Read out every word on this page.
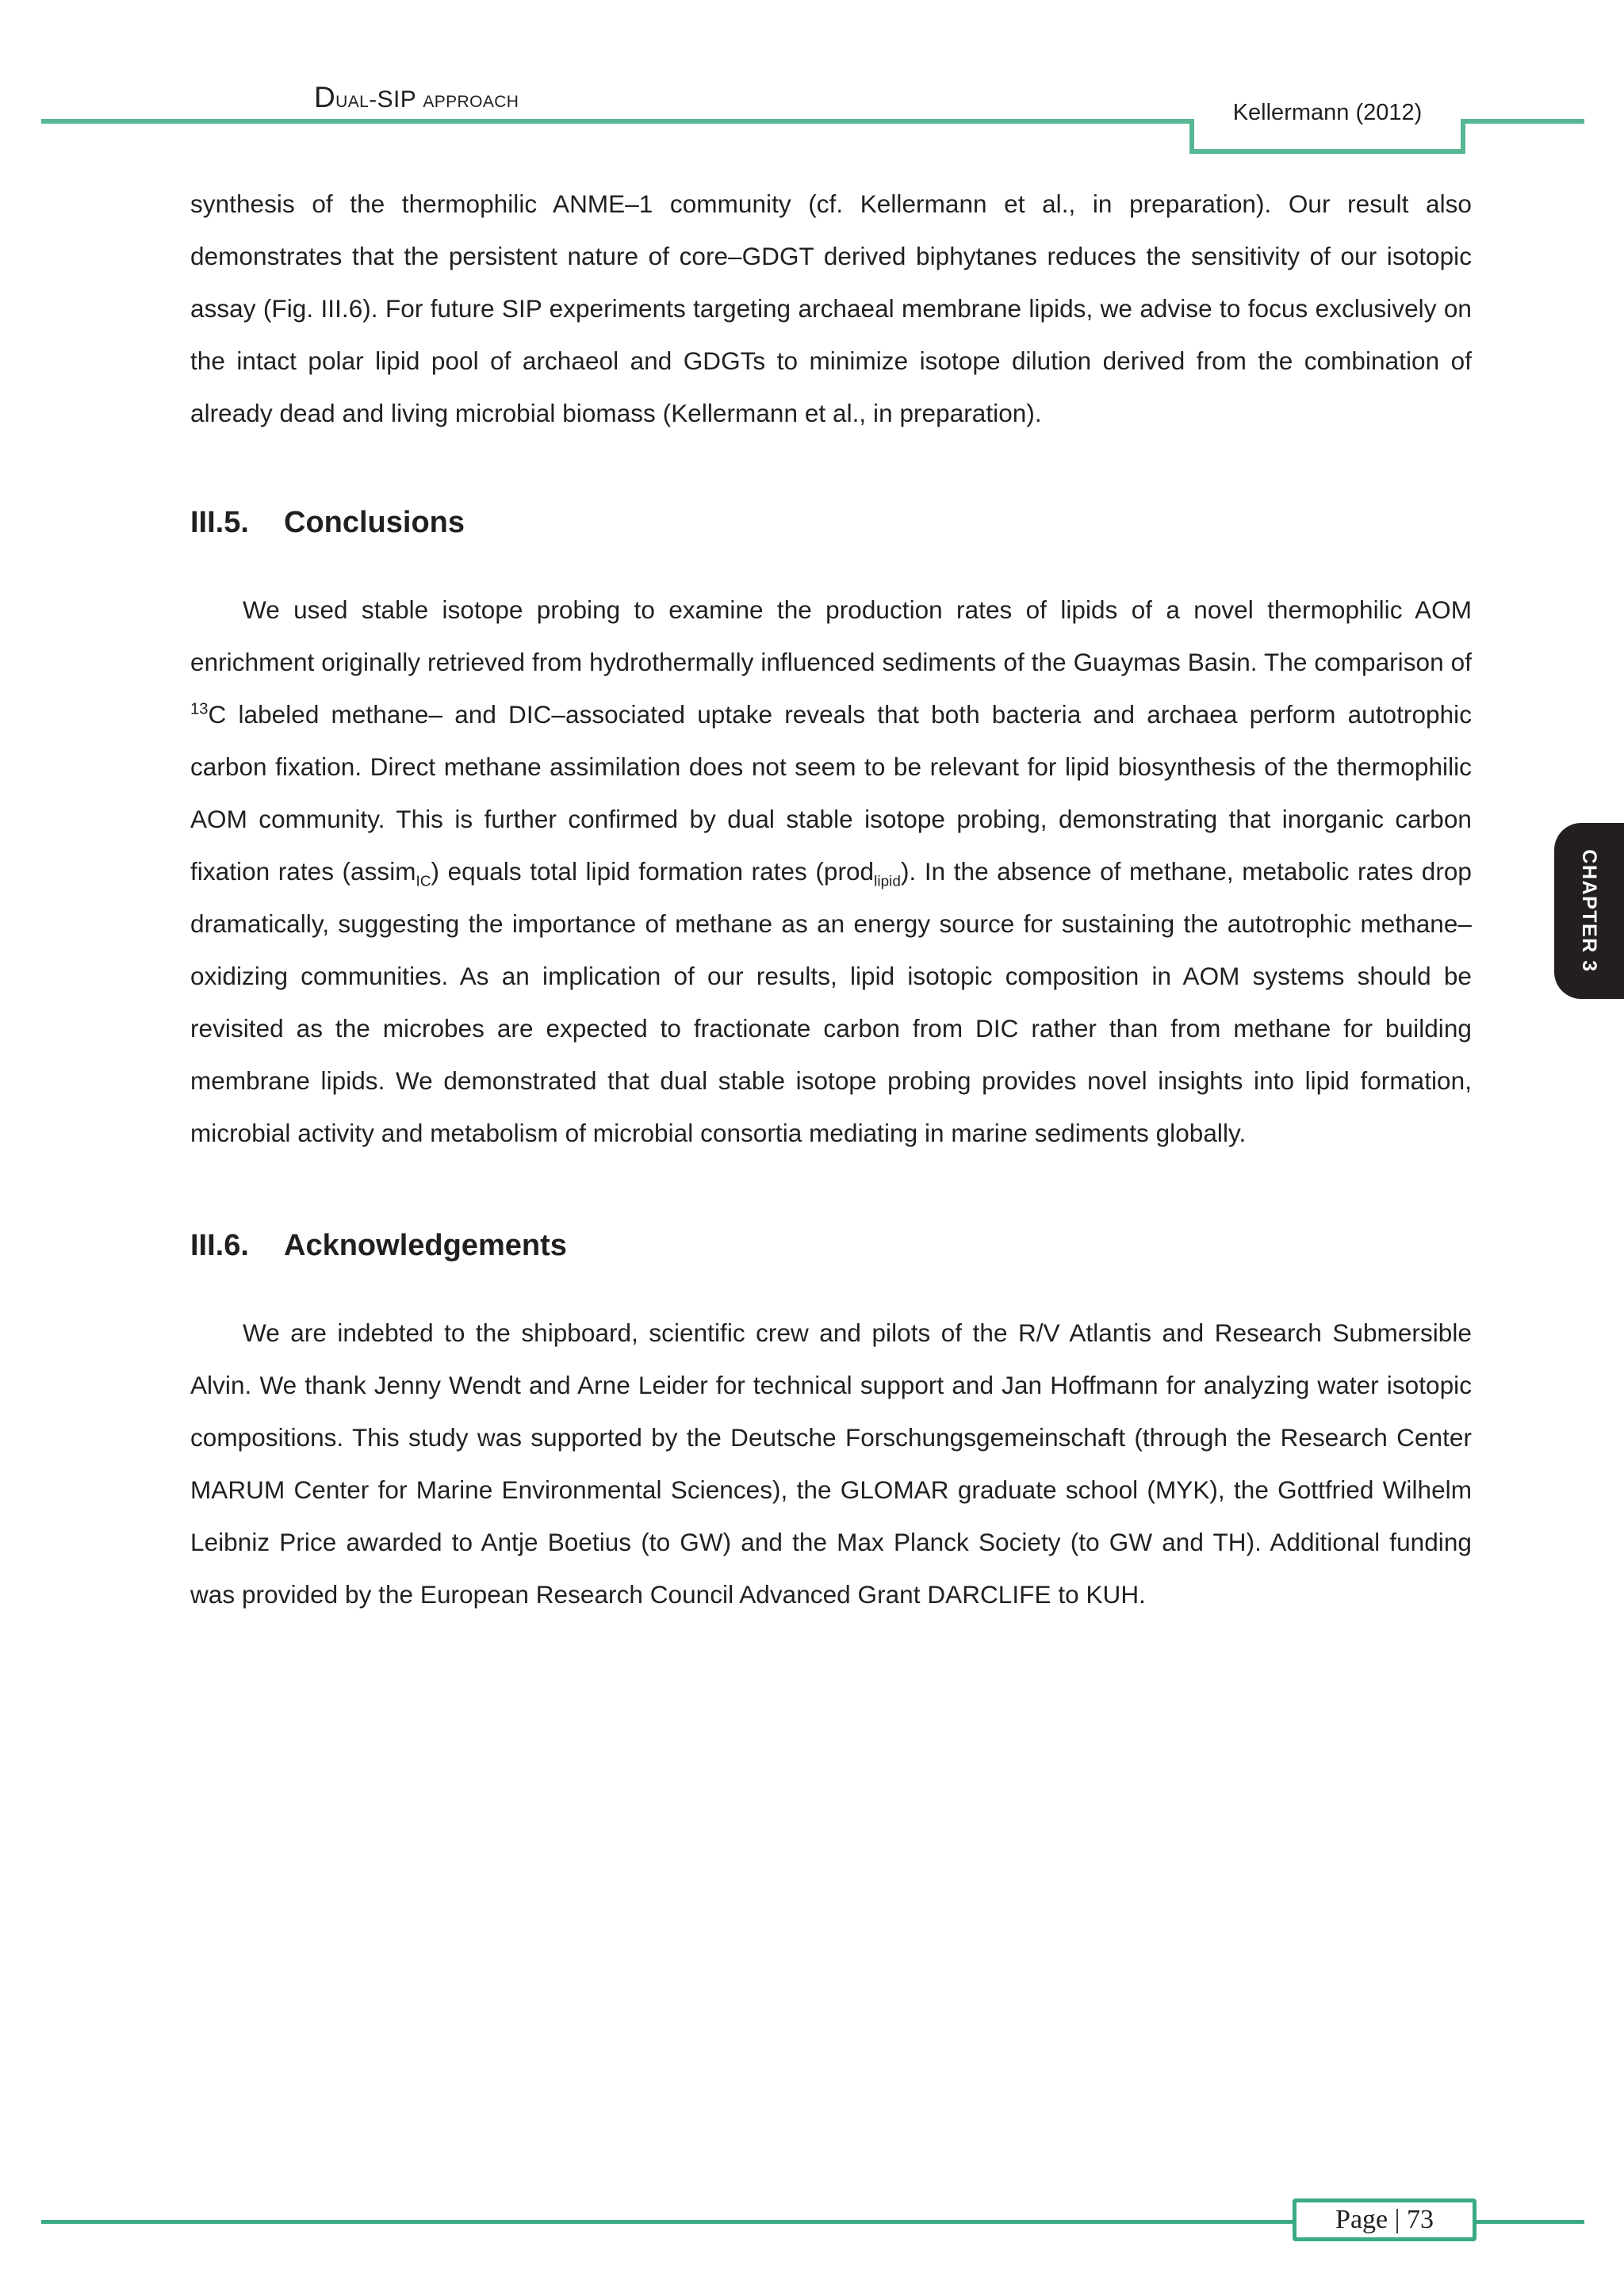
Dual-SIP approach	Kellermann (2012)
CHAPTER 3

synthesis of the thermophilic ANME–1 community (cf. Kellermann et al., in preparation). Our result also demonstrates that the persistent nature of core–GDGT derived biphytanes reduces the sensitivity of our isotopic assay (Fig. III.6). For future SIP experiments targeting archaeal membrane lipids, we advise to focus exclusively on the intact polar lipid pool of archaeol and GDGTs to minimize isotope dilution derived from the combination of already dead and living microbial biomass (Kellermann et al., in preparation).

III.5. Conclusions

We used stable isotope probing to examine the production rates of lipids of a novel thermophilic AOM enrichment originally retrieved from hydrothermally influenced sediments of the Guaymas Basin. The comparison of $^{13}$C labeled methane– and DIC–associated uptake reveals that both bacteria and archaea perform autotrophic carbon fixation. Direct methane assimilation does not seem to be relevant for lipid biosynthesis of the thermophilic AOM community. This is further confirmed by dual stable isotope probing, demonstrating that inorganic carbon fixation rates (assim$_{IC}$) equals total lipid formation rates (prod$_{lipid}$). In the absence of methane, metabolic rates drop dramatically, suggesting the importance of methane as an energy source for sustaining the autotrophic methane–oxidizing communities. As an implication of our results, lipid isotopic composition in AOM systems should be revisited as the microbes are expected to fractionate carbon from DIC rather than from methane for building membrane lipids. We demonstrated that dual stable isotope probing provides novel insights into lipid formation, microbial activity and metabolism of microbial consortia mediating in marine sediments globally.

III.6. Acknowledgements

We are indebted to the shipboard, scientific crew and pilots of the R/V Atlantis and Research Submersible Alvin. We thank Jenny Wendt and Arne Leider for technical support and Jan Hoffmann for analyzing water isotopic compositions. This study was supported by the Deutsche Forschungsgemeinschaft (through the Research Center MARUM Center for Marine Environmental Sciences), the GLOMAR graduate school (MYK), the Gottfried Wilhelm Leibniz Price awarded to Antje Boetius (to GW) and the Max Planck Society (to GW and TH). Additional funding was provided by the European Research Council Advanced Grant DARCLIFE to KUH.

Page | 73
